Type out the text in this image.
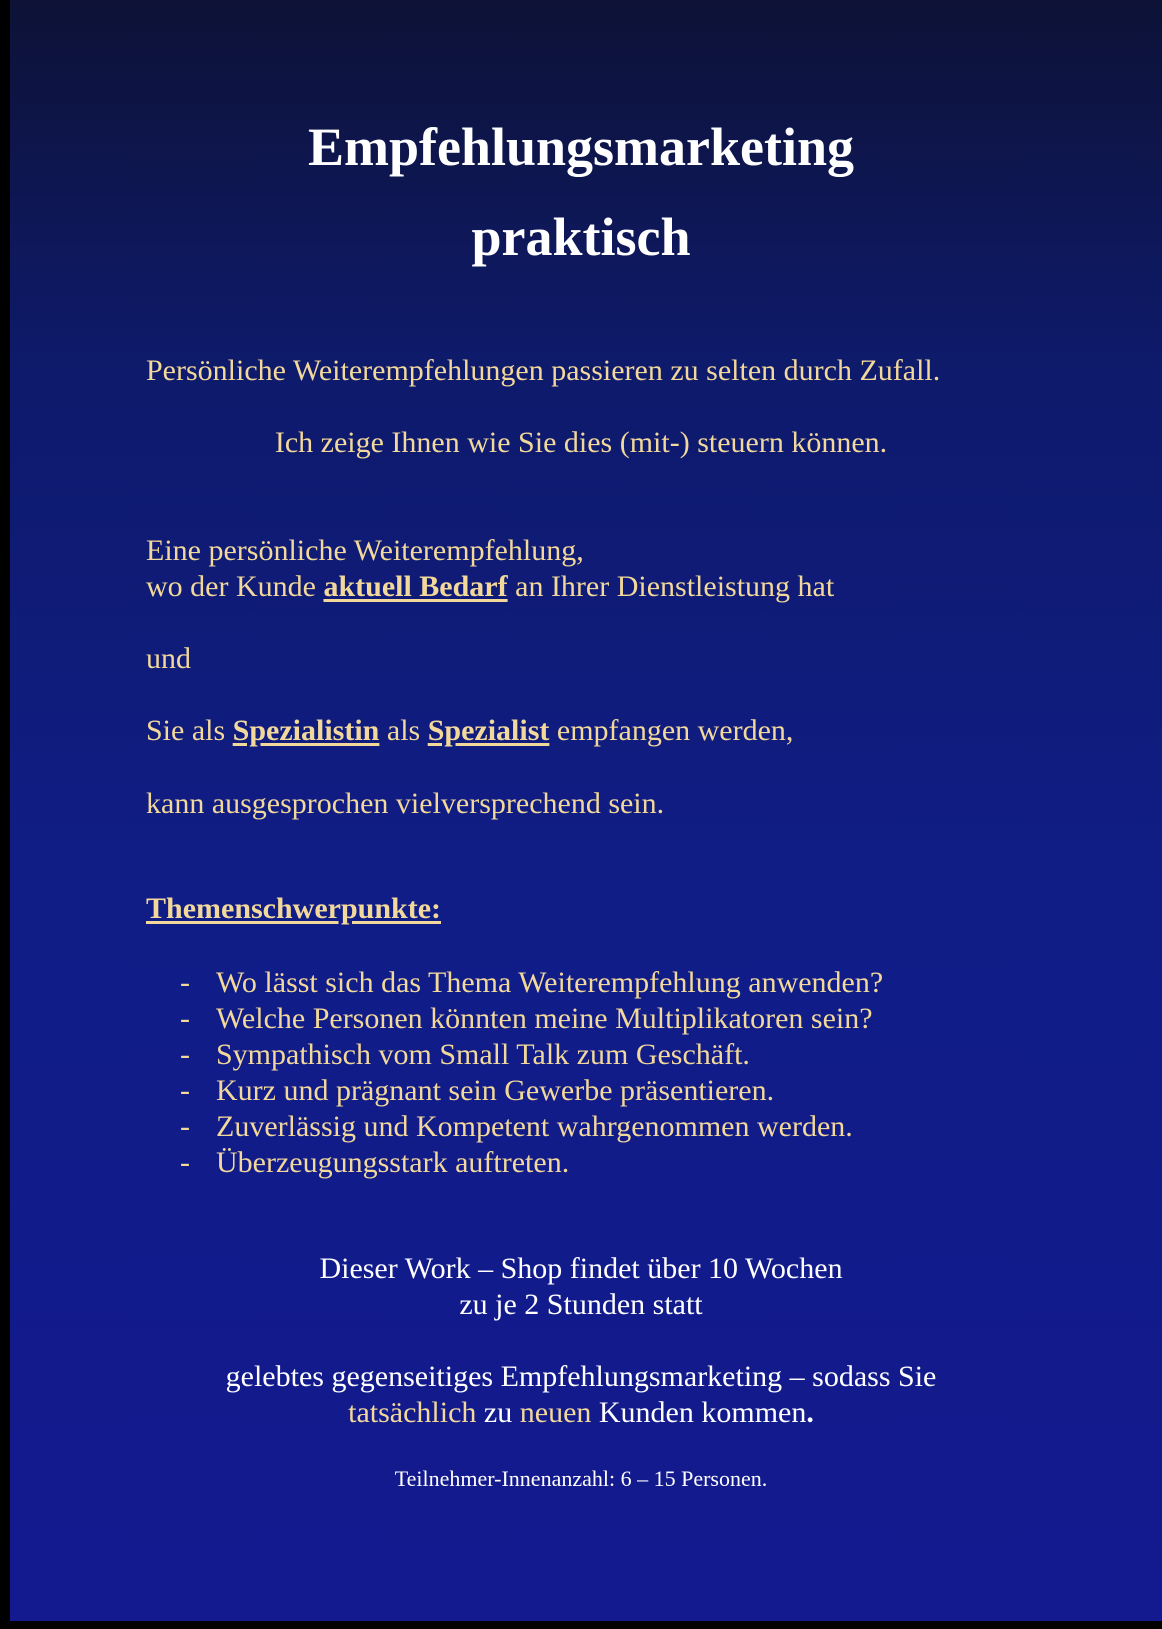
Empfehlungsmarketing
praktisch
Persönliche Weiterempfehlungen passieren zu selten durch Zufall.
Ich zeige Ihnen wie Sie dies (mit-) steuern können.
Eine persönliche Weiterempfehlung,
wo der Kunde aktuell Bedarf an Ihrer Dienstleistung hat
und
Sie als Spezialistin als Spezialist empfangen werden,
kann ausgesprochen vielversprechend sein.
Themenschwerpunkte:
- Wo lässt sich das Thema Weiterempfehlung anwenden?
- Welche Personen könnten meine Multiplikatoren sein?
- Sympathisch vom Small Talk zum Geschäft.
- Kurz und prägnant sein Gewerbe präsentieren.
- Zuverlässig und Kompetent wahrgenommen werden.
- Überzeugungsstark auftreten.
Dieser Work – Shop findet über 10 Wochen
zu je 2 Stunden statt
gelebtes gegenseitiges Empfehlungsmarketing – sodass Sie
tatsächlich zu neuen Kunden kommen.
Teilnehmer-Innenanzahl: 6 – 15 Personen.
